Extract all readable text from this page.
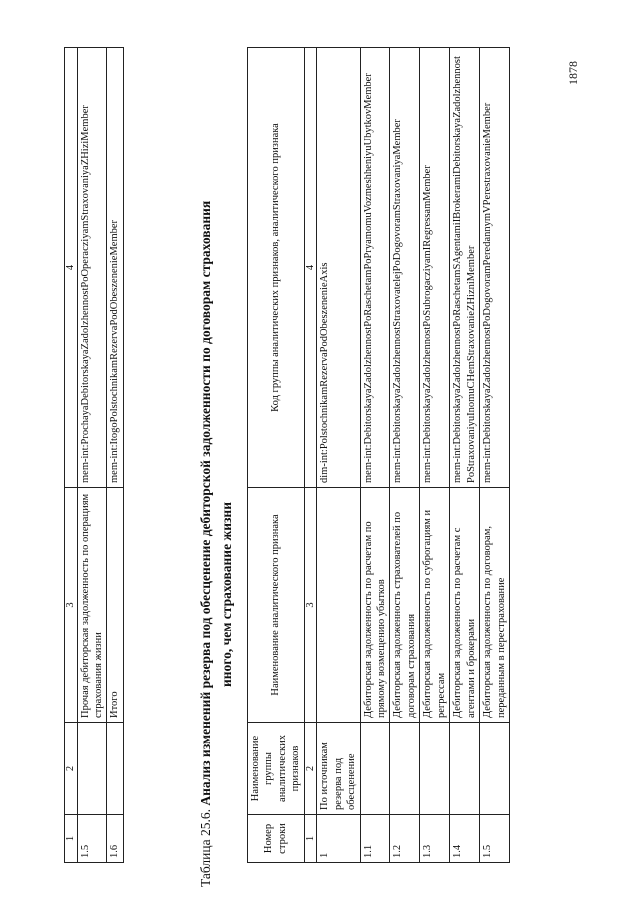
1	2	3	4
1.5		Прочая дебиторская задолженность по операциям страхования жизни	mem-int:ProchayaDebitorskayaZadolzhennostPoOperacziyamStraxovaniyaZHiziMember
1.6		Итого	mem-int:ItogoPolstochnikamRezervaPodObeszenenieMember
Таблица 25.6. Анализ изменений резерва под обесценение дебиторской задолженности по договорам страхования иного, чем страхование жизни
Номер строки	Наименование группы аналитических признаков	Наименование аналитического признака	Код группы аналитических признаков, аналитического признака
1	2	3	4
1	По источникам резерва под обесценение		dim-int:PolstochnikamRezervaPodObeszenenieAxis
1.1		Дебиторская задолженность по расчетам по прямому возмещению убытков	mem-int:DebitorskayaZadolzhennostPoRaschetamPoPryamomuVozmeshheniyuUbytkovMember
1.2		Дебиторская задолженность страхователей по договорам страхования	mem-int:DebitorskayaZadolzhennostStraxovatelejPoDogovoramStraxovaniyaMember
1.3		Дебиторская задолженность по суброгациям и регрессам	mem-int:DebitorskayaZadolzhennostPoSubrogacziyamIRegressamMember
1.4		Дебиторская задолженность по расчетам с агентами и брокерами	mem-int:DebitorskayaZadolzhennostPoRaschetamSAgentamiIBrokeramiDebitorskayaZadolzhennostPoStraxovaniyuInomuCHemStraxovanieZHizniMember
1.5		Дебиторская задолженность по договорам, переданным в перестрахование	mem-int:DebitorskayaZadolzhennostPoDogovoramPeredannymVPerestraxovanieMember
1878
